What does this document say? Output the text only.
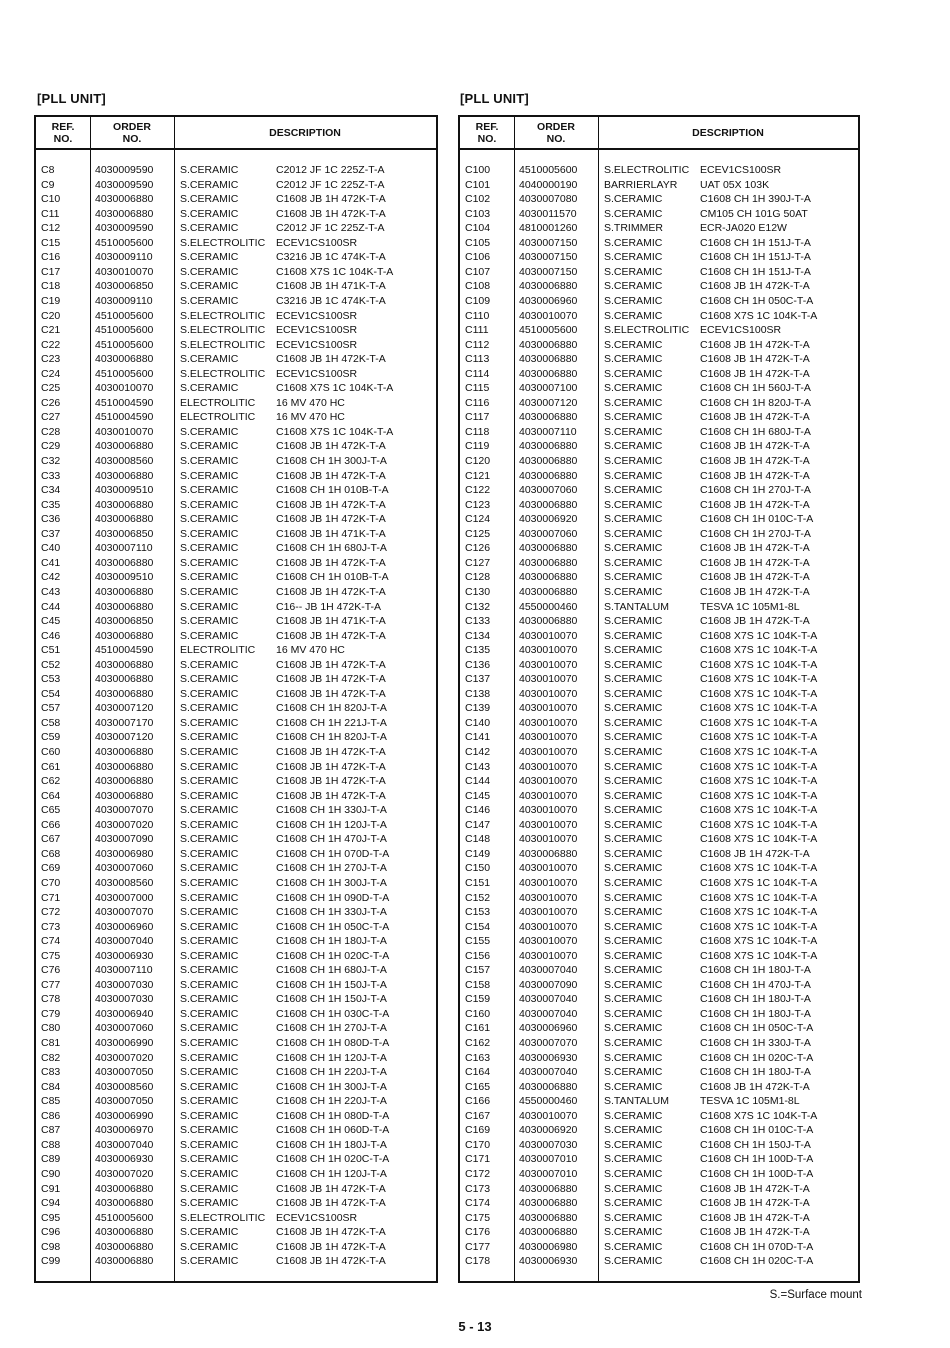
[PLL UNIT]
REF.
NO.
ORDER
NO.	DESCRIPTION
C8	4030009590	S.CERAMIC	C2012 JF 1C 225Z-T-A
C9	4030009590	S.CERAMIC	C2012 JF 1C 225Z-T-A
C10	4030006880	S.CERAMIC	C1608 JB 1H 472K-T-A
C11	4030006880	S.CERAMIC	C1608 JB 1H 472K-T-A
C12	4030009590	S.CERAMIC	C2012 JF 1C 225Z-T-A
C15	4510005600	S.ELECTROLITIC ECEV1CS100SR
C16	4030009110	S.CERAMIC	C3216 JB 1C 474K-T-A
C17	4030010070	S.CERAMIC	C1608 X7S 1C 104K-T-A
C18	4030006850	S.CERAMIC	C1608 JB 1H 471K-T-A
C19	4030009110	S.CERAMIC	C3216 JB 1C 474K-T-A
C20	4510005600	S.ELECTROLITIC ECEV1CS100SR
C21	4510005600	S.ELECTROLITIC ECEV1CS100SR
C22	4510005600	S.ELECTROLITIC ECEV1CS100SR
C23	4030006880	S.CERAMIC	C1608 JB 1H 472K-T-A
C24	4510005600	S.ELECTROLITIC ECEV1CS100SR
C25	4030010070	S.CERAMIC	C1608 X7S 1C 104K-T-A
C26	4510004590	ELECTROLITIC 16 MV 470 HC
C27	4510004590	ELECTROLITIC 16 MV 470 HC
C28	4030010070	S.CERAMIC	C1608 X7S 1C 104K-T-A
C29	4030006880	S.CERAMIC	C1608 JB 1H 472K-T-A
C32	4030008560	S.CERAMIC	C1608 CH 1H 300J-T-A
C33	4030006880	S.CERAMIC	C1608 JB 1H 472K-T-A
C34	4030009510	S.CERAMIC	C1608 CH 1H 010B-T-A
C35	4030006880	S.CERAMIC	C1608 JB 1H 472K-T-A
C36	4030006880	S.CERAMIC	C1608 JB 1H 472K-T-A
C37	4030006850	S.CERAMIC	C1608 JB 1H 471K-T-A
C40	4030007110	S.CERAMIC	C1608 CH 1H 680J-T-A
C41	4030006880	S.CERAMIC	C1608 JB 1H 472K-T-A
C42	4030009510	S.CERAMIC	C1608 CH 1H 010B-T-A
C43	4030006880	S.CERAMIC	C1608 JB 1H 472K-T-A
C44	4030006880	S.CERAMIC	C16-- JB 1H 472K-T-A
C45	4030006850	S.CERAMIC	C1608 JB 1H 471K-T-A
C46	4030006880	S.CERAMIC	C1608 JB 1H 472K-T-A
C51	4510004590	ELECTROLITIC 16 MV 470 HC
C52	4030006880	S.CERAMIC	C1608 JB 1H 472K-T-A
C53	4030006880	S.CERAMIC	C1608 JB 1H 472K-T-A
C54	4030006880	S.CERAMIC	C1608 JB 1H 472K-T-A
C57	4030007120	S.CERAMIC	C1608 CH 1H 820J-T-A
C58	4030007170	S.CERAMIC	C1608 CH 1H 221J-T-A
C59	4030007120	S.CERAMIC	C1608 CH 1H 820J-T-A
C60	4030006880	S.CERAMIC	C1608 JB 1H 472K-T-A
C61	4030006880	S.CERAMIC	C1608 JB 1H 472K-T-A
C62	4030006880	S.CERAMIC	C1608 JB 1H 472K-T-A
C64	4030006880	S.CERAMIC	C1608 JB 1H 472K-T-A
C65	4030007070	S.CERAMIC	C1608 CH 1H 330J-T-A
C66	4030007020	S.CERAMIC	C1608 CH 1H 120J-T-A
C67	4030007090	S.CERAMIC	C1608 CH 1H 470J-T-A
C68	4030006980	S.CERAMIC	C1608 CH 1H 070D-T-A
C69	4030007060	S.CERAMIC	C1608 CH 1H 270J-T-A
C70	4030008560	S.CERAMIC	C1608 CH 1H 300J-T-A
C71	4030007000	S.CERAMIC	C1608 CH 1H 090D-T-A
C72	4030007070	S.CERAMIC	C1608 CH 1H 330J-T-A
C73	4030006960	S.CERAMIC	C1608 CH 1H 050C-T-A
C74	4030007040	S.CERAMIC	C1608 CH 1H 180J-T-A
C75	4030006930	S.CERAMIC	C1608 CH 1H 020C-T-A
C76	4030007110	S.CERAMIC	C1608 CH 1H 680J-T-A
C77	4030007030	S.CERAMIC	C1608 CH 1H 150J-T-A
C78	4030007030	S.CERAMIC	C1608 CH 1H 150J-T-A
C79	4030006940	S.CERAMIC	C1608 CH 1H 030C-T-A
C80	4030007060	S.CERAMIC	C1608 CH 1H 270J-T-A
C81	4030006990	S.CERAMIC	C1608 CH 1H 080D-T-A
C82	4030007020	S.CERAMIC	C1608 CH 1H 120J-T-A
C83	4030007050	S.CERAMIC	C1608 CH 1H 220J-T-A
C84	4030008560	S.CERAMIC	C1608 CH 1H 300J-T-A
C85	4030007050	S.CERAMIC	C1608 CH 1H 220J-T-A
C86	4030006990	S.CERAMIC	C1608 CH 1H 080D-T-A
C87	4030006970	S.CERAMIC	C1608 CH 1H 060D-T-A
C88	4030007040	S.CERAMIC	C1608 CH 1H 180J-T-A
C89	4030006930	S.CERAMIC	C1608 CH 1H 020C-T-A
C90	4030007020	S.CERAMIC	C1608 CH 1H 120J-T-A
C91	4030006880	S.CERAMIC	C1608 JB 1H 472K-T-A
C94	4030006880	S.CERAMIC	C1608 JB 1H 472K-T-A
C95	4510005600	S.ELECTROLITIC ECEV1CS100SR
C96	4030006880	S.CERAMIC	C1608 JB 1H 472K-T-A
C98	4030006880	S.CERAMIC	C1608 JB 1H 472K-T-A
C99	4030006880	S.CERAMIC	C1608 JB 1H 472K-T-A
[PLL UNIT]
REF.
NO.
ORDER
NO.	DESCRIPTION
C100	4510005600	S.ELECTROLITIC ECEV1CS100SR
C101	4040000190	BARRIERLAYR UAT 05X 103K
C102	4030007080	S.CERAMIC	C1608 CH 1H 390J-T-A
C103	4030011570	S.CERAMIC	CM105 CH 101G 50AT
C104	4810001260	S.TRIMMER	ECR-JA020 E12W
C105	4030007150	S.CERAMIC	C1608 CH 1H 151J-T-A
C106	4030007150	S.CERAMIC	C1608 CH 1H 151J-T-A
C107	4030007150	S.CERAMIC	C1608 CH 1H 151J-T-A
C108	4030006880	S.CERAMIC	C1608 JB 1H 472K-T-A
C109	4030006960	S.CERAMIC	C1608 CH 1H 050C-T-A
C110	4030010070	S.CERAMIC	C1608 X7S 1C 104K-T-A
C111	4510005600	S.ELECTROLITIC ECEV1CS100SR
C112	4030006880	S.CERAMIC	C1608 JB 1H 472K-T-A
C113	4030006880	S.CERAMIC	C1608 JB 1H 472K-T-A
C114	4030006880	S.CERAMIC	C1608 JB 1H 472K-T-A
C115	4030007100	S.CERAMIC	C1608 CH 1H 560J-T-A
C116	4030007120	S.CERAMIC	C1608 CH 1H 820J-T-A
C117	4030006880	S.CERAMIC	C1608 JB 1H 472K-T-A
C118	4030007110	S.CERAMIC	C1608 CH 1H 680J-T-A
C119	4030006880	S.CERAMIC	C1608 JB 1H 472K-T-A
C120	4030006880	S.CERAMIC	C1608 JB 1H 472K-T-A
C121	4030006880	S.CERAMIC	C1608 JB 1H 472K-T-A
C122	4030007060	S.CERAMIC	C1608 CH 1H 270J-T-A
C123	4030006880	S.CERAMIC	C1608 JB 1H 472K-T-A
C124	4030006920	S.CERAMIC	C1608 CH 1H 010C-T-A
C125	4030007060	S.CERAMIC	C1608 CH 1H 270J-T-A
C126	4030006880	S.CERAMIC	C1608 JB 1H 472K-T-A
C127	4030006880	S.CERAMIC	C1608 JB 1H 472K-T-A
C128	4030006880	S.CERAMIC	C1608 JB 1H 472K-T-A
C130	4030006880	S.CERAMIC	C1608 JB 1H 472K-T-A
C132	4550000460	S.TANTALUM	TESVA 1C 105M1-8L
C133	4030006880	S.CERAMIC	C1608 JB 1H 472K-T-A
C134	4030010070	S.CERAMIC	C1608 X7S 1C 104K-T-A
C135	4030010070	S.CERAMIC	C1608 X7S 1C 104K-T-A
C136	4030010070	S.CERAMIC	C1608 X7S 1C 104K-T-A
C137	4030010070	S.CERAMIC	C1608 X7S 1C 104K-T-A
C138	4030010070	S.CERAMIC	C1608 X7S 1C 104K-T-A
C139	4030010070	S.CERAMIC	C1608 X7S 1C 104K-T-A
C140	4030010070	S.CERAMIC	C1608 X7S 1C 104K-T-A
C141	4030010070	S.CERAMIC	C1608 X7S 1C 104K-T-A
C142	4030010070	S.CERAMIC	C1608 X7S 1C 104K-T-A
C143	4030010070	S.CERAMIC	C1608 X7S 1C 104K-T-A
C144	4030010070	S.CERAMIC	C1608 X7S 1C 104K-T-A
C145	4030010070	S.CERAMIC	C1608 X7S 1C 104K-T-A
C146	4030010070	S.CERAMIC	C1608 X7S 1C 104K-T-A
C147	4030010070	S.CERAMIC	C1608 X7S 1C 104K-T-A
C148	4030010070	S.CERAMIC	C1608 X7S 1C 104K-T-A
C149	4030006880	S.CERAMIC	C1608 JB 1H 472K-T-A
C150	4030010070	S.CERAMIC	C1608 X7S 1C 104K-T-A
C151	4030010070	S.CERAMIC	C1608 X7S 1C 104K-T-A
C152	4030010070	S.CERAMIC	C1608 X7S 1C 104K-T-A
C153	4030010070	S.CERAMIC	C1608 X7S 1C 104K-T-A
C154	4030010070	S.CERAMIC	C1608 X7S 1C 104K-T-A
C155	4030010070	S.CERAMIC	C1608 X7S 1C 104K-T-A
C156	4030010070	S.CERAMIC	C1608 X7S 1C 104K-T-A
C157	4030007040	S.CERAMIC	C1608 CH 1H 180J-T-A
C158	4030007090	S.CERAMIC	C1608 CH 1H 470J-T-A
C159	4030007040	S.CERAMIC	C1608 CH 1H 180J-T-A
C160	4030007040	S.CERAMIC	C1608 CH 1H 180J-T-A
C161	4030006960	S.CERAMIC	C1608 CH 1H 050C-T-A
C162	4030007070	S.CERAMIC	C1608 CH 1H 330J-T-A
C163	4030006930	S.CERAMIC	C1608 CH 1H 020C-T-A
C164	4030007040	S.CERAMIC	C1608 CH 1H 180J-T-A
C165	4030006880	S.CERAMIC	C1608 JB 1H 472K-T-A
C166	4550000460	S.TANTALUM	TESVA 1C 105M1-8L
C167	4030010070	S.CERAMIC	C1608 X7S 1C 104K-T-A
C169	4030006920	S.CERAMIC	C1608 CH 1H 010C-T-A
C170	4030007030	S.CERAMIC	C1608 CH 1H 150J-T-A
C171	4030007010	S.CERAMIC	C1608 CH 1H 100D-T-A
C172	4030007010	S.CERAMIC	C1608 CH 1H 100D-T-A
C173	4030006880	S.CERAMIC	C1608 JB 1H 472K-T-A
C174	4030006880	S.CERAMIC	C1608 JB 1H 472K-T-A
C175	4030006880	S.CERAMIC	C1608 JB 1H 472K-T-A
C176	4030006880	S.CERAMIC	C1608 JB 1H 472K-T-A
C177	4030006980	S.CERAMIC	C1608 CH 1H 070D-T-A
C178	4030006930	S.CERAMIC	C1608 CH 1H 020C-T-A
S.=Surface mount
5 - 13
